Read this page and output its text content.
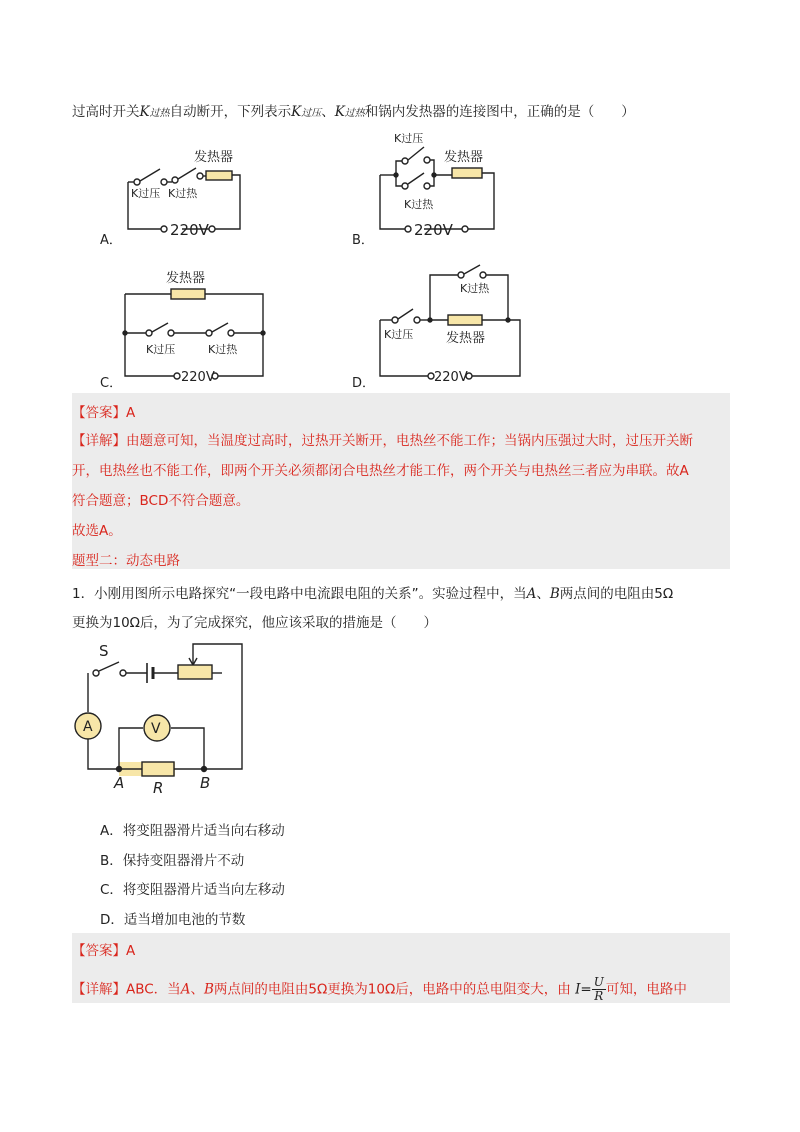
过高时开关K过热自动断开，下列表示K过压、K过热和锅内发热器的连接图中，正确的是（　　）
A．	B．
C．	D．
发热器
K过压 K过热
220V
K过压
发热器
K过热
220V
发热器
K过压	K过热
220V
K过热
K过压	发热器
220V
【答案】A
【详解】由题意可知，当温度过高时，过热开关断开，电热丝不能工作；当锅内压强过大时，过压开关断
开，电热丝也不能工作，即两个开关必须都闭合电热丝才能工作，两个开关与电热丝三者应为串联。故A
符合题意；BCD不符合题意。
故选A。
题型二：动态电路
1．小刚用图所示电路探究“一段电路中电流跟电阻的关系”。实验过程中，当A、B两点间的电阻由5Ω
更换为10Ω后，为了完成探究，他应该采取的措施是（　　）
S
A	V
A	B
R
A．将变阻器滑片适当向右移动
B．保持变阻器滑片不动
C．将变阻器滑片适当向左移动
D．适当增加电池的节数
【答案】A
【详解】ABC．当A、B两点间的电阻由5Ω更换为10Ω后，电路中的总电阻变大，由 $I= \frac{U}{R}$ 可知，电路中
